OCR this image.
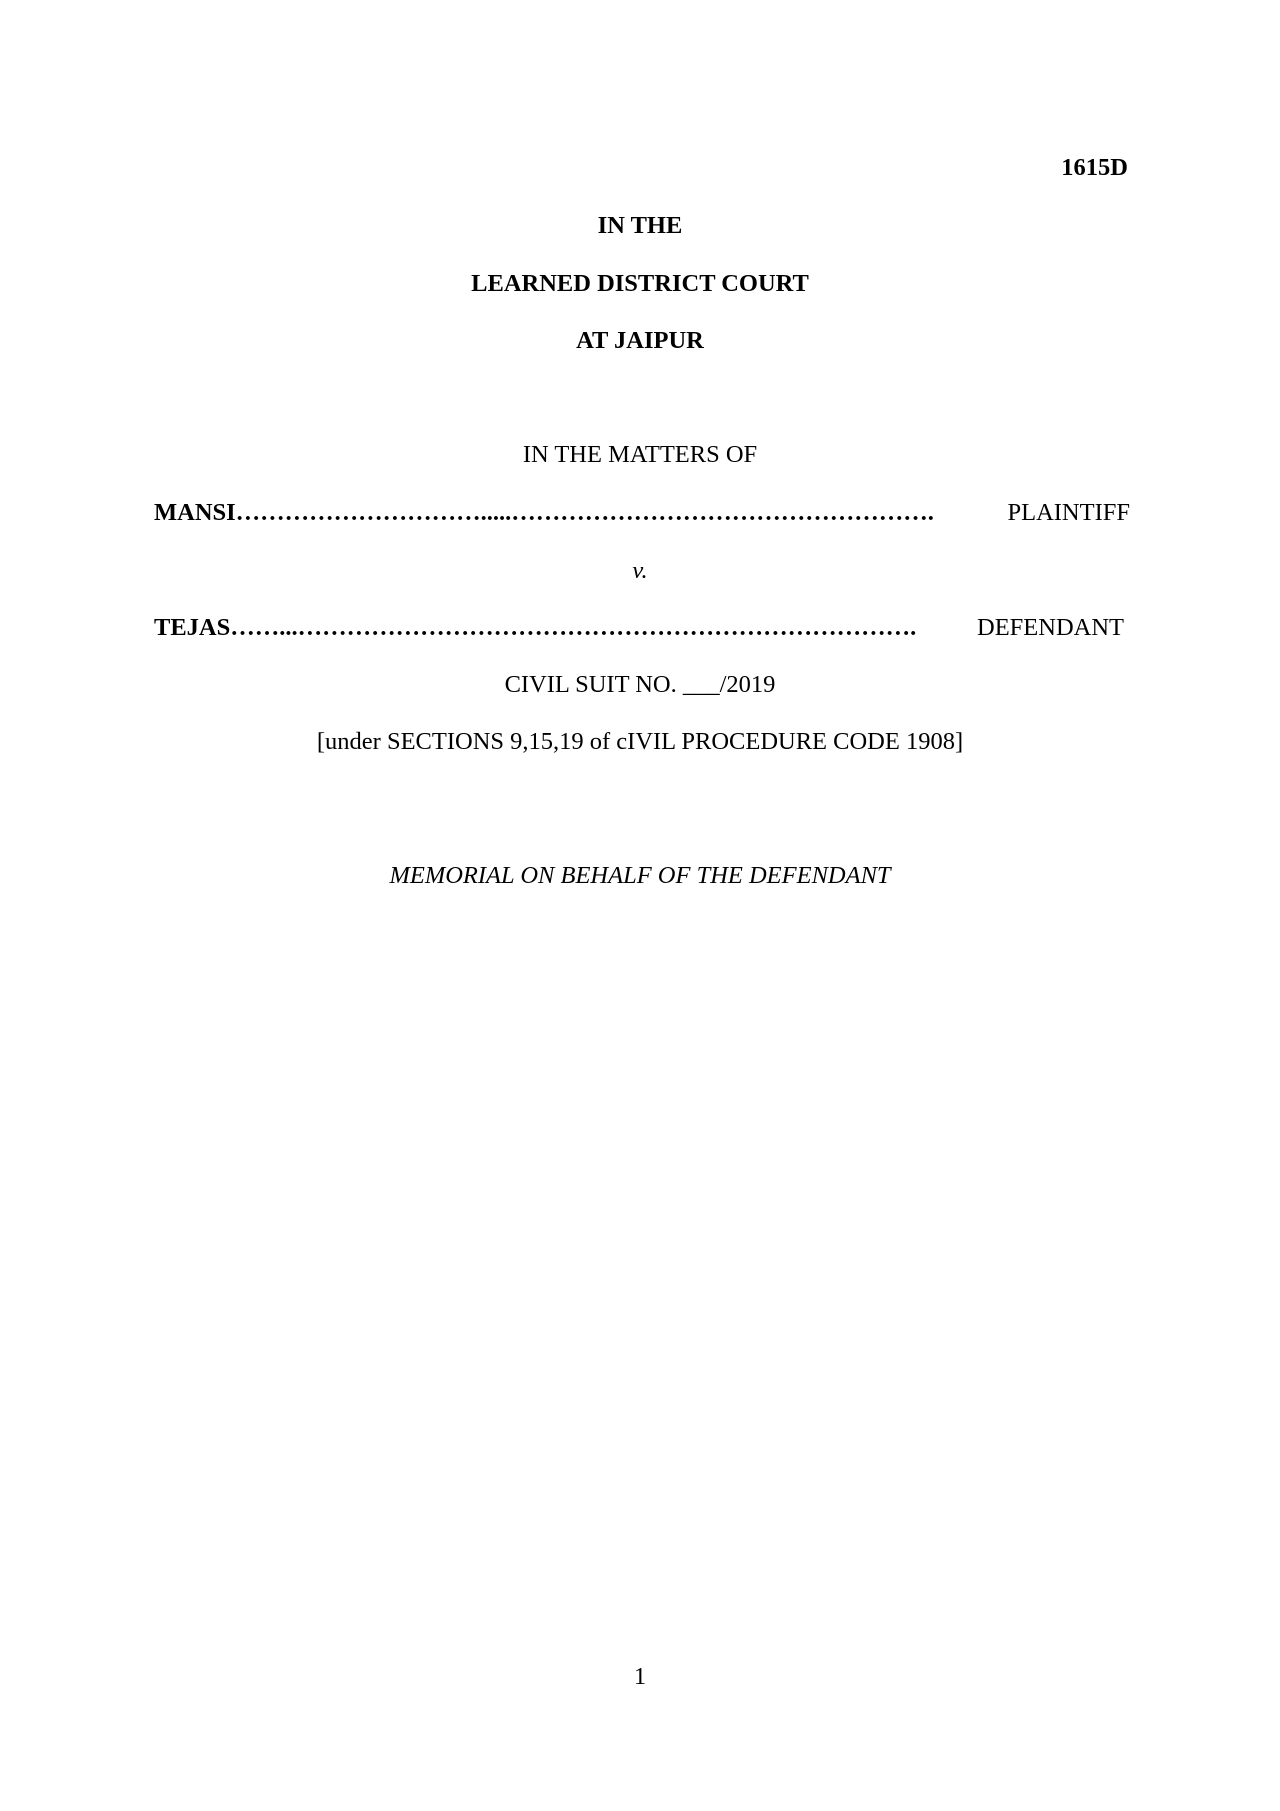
1615D
IN THE
LEARNED DISTRICT COURT
AT JAIPUR
IN THE MATTERS OF
MANSI ………………………….....…………………………………………….	PLAINTIFF
v.
TEJAS ……...………………………………………………………………….	DEFENDANT
CIVIL SUIT NO. ___/2019
[under SECTIONS 9,15,19 of cIVIL PROCEDURE CODE 1908]
MEMORIAL ON BEHALF OF THE DEFENDANT
1
